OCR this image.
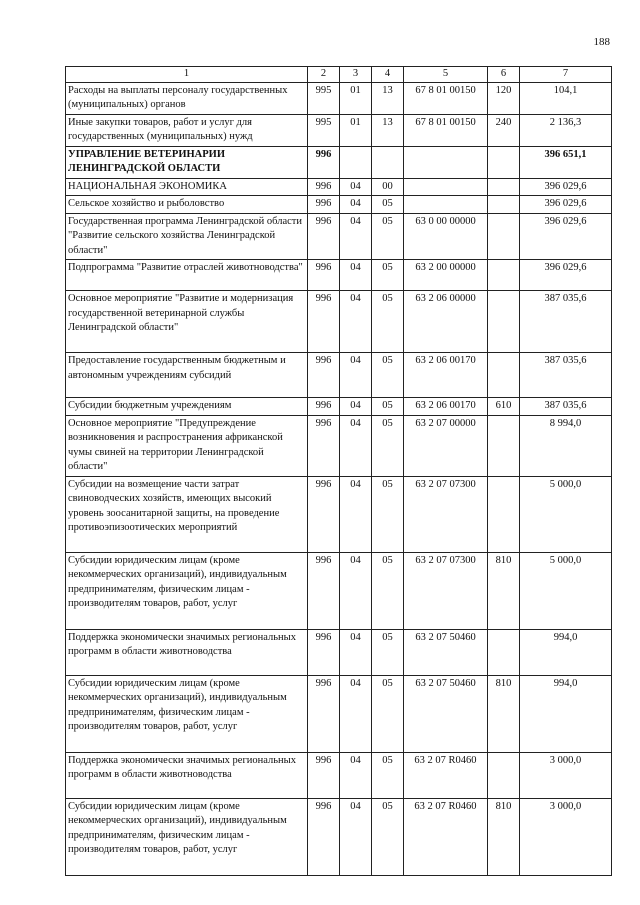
188
1	2	3	4	5	6	7
Расходы на выплаты персоналу государственных (муниципальных) органов	995	01	13	67 8 01 00150	120	104,1
Иные закупки товаров, работ и услуг для государственных (муниципальных) нужд	995	01	13	67 8 01 00150	240	2 136,3
УПРАВЛЕНИЕ ВЕТЕРИНАРИИ ЛЕНИНГРАДСКОЙ ОБЛАСТИ	996					396 651,1
НАЦИОНАЛЬНАЯ ЭКОНОМИКА	996	04	00			396 029,6
Сельское хозяйство и рыболовство	996	04	05			396 029,6
Государственная программа Ленинградской области "Развитие сельского хозяйства Ленинградской области"	996	04	05	63 0 00 00000		396 029,6
Подпрограмма "Развитие отраслей животноводства"	996	04	05	63 2 00 00000		396 029,6
Основное мероприятие "Развитие и модернизация государственной ветеринарной службы Ленинградской области"	996	04	05	63 2 06 00000		387 035,6
Предоставление государственным бюджетным и автономным учреждениям субсидий	996	04	05	63 2 06 00170		387 035,6
Субсидии бюджетным учреждениям	996	04	05	63 2 06 00170	610	387 035,6
Основное мероприятие "Предупреждение возникновения и распространения африканской чумы свиней на территории Ленинградской области"	996	04	05	63 2 07 00000		8 994,0
Субсидии на возмещение части затрат свиноводческих хозяйств, имеющих высокий уровень зоосанитарной защиты, на проведение противоэпизоотических мероприятий	996	04	05	63 2 07 07300		5 000,0
Субсидии юридическим лицам (кроме некоммерческих организаций), индивидуальным предпринимателям, физическим лицам - производителям товаров, работ, услуг	996	04	05	63 2 07 07300	810	5 000,0
Поддержка экономически значимых региональных программ в области животноводства	996	04	05	63 2 07 50460		994,0
Субсидии юридическим лицам (кроме некоммерческих организаций), индивидуальным предпринимателям, физическим лицам - производителям товаров, работ, услуг	996	04	05	63 2 07 50460	810	994,0
Поддержка экономически значимых региональных программ в области животноводства	996	04	05	63 2 07 R0460		3 000,0
Субсидии юридическим лицам (кроме некоммерческих организаций), индивидуальным предпринимателям, физическим лицам - производителям товаров, работ, услуг	996	04	05	63 2 07 R0460	810	3 000,0
